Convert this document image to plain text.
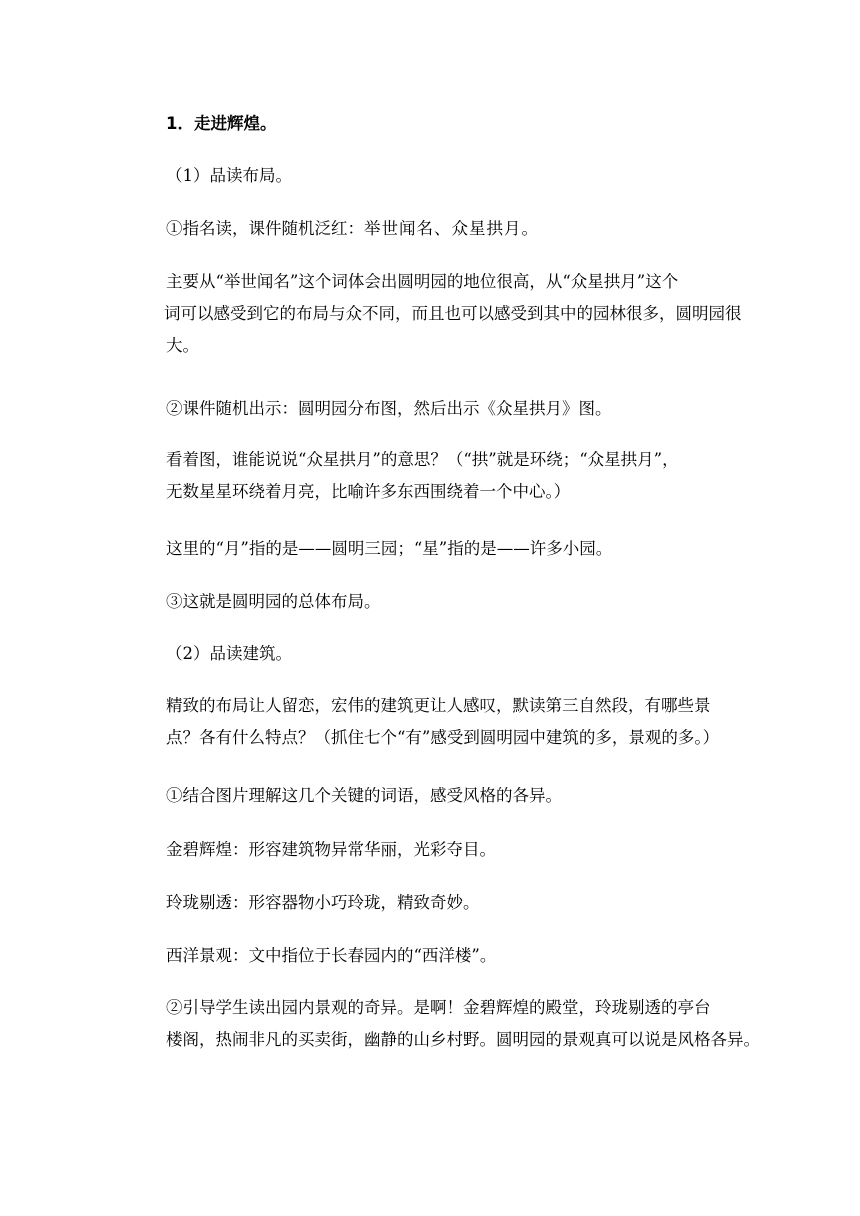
1．走进辉煌。

（1）品读布局。

①指名读，课件随机泛红：举世闻名、众星拱月。

主要从“举世闻名”这个词体会出圆明园的地位很高，从“众星拱月”这个
词可以感受到它的布局与众不同，而且也可以感受到其中的园林很多，圆明园很
大。

②课件随机出示：圆明园分布图，然后出示《众星拱月》图。

看着图，谁能说说“众星拱月”的意思？（“拱”就是环绕；“众星拱月”，
无数星星环绕着月亮，比喻许多东西围绕着一个中心。）

这里的“月”指的是——圆明三园；“星”指的是——许多小园。

③这就是圆明园的总体布局。

（2）品读建筑。

精致的布局让人留恋，宏伟的建筑更让人感叹，默读第三自然段，有哪些景
点？各有什么特点？（抓住七个“有”感受到圆明园中建筑的多，景观的多。）

①结合图片理解这几个关键的词语，感受风格的各异。

金碧辉煌：形容建筑物异常华丽，光彩夺目。

玲珑剔透：形容器物小巧玲珑，精致奇妙。

西洋景观：文中指位于长春园内的“西洋楼”。

②引导学生读出园内景观的奇异。是啊！金碧辉煌的殿堂，玲珑剔透的亭台
楼阁，热闹非凡的买卖街，幽静的山乡村野。圆明园的景观真可以说是风格各异。
